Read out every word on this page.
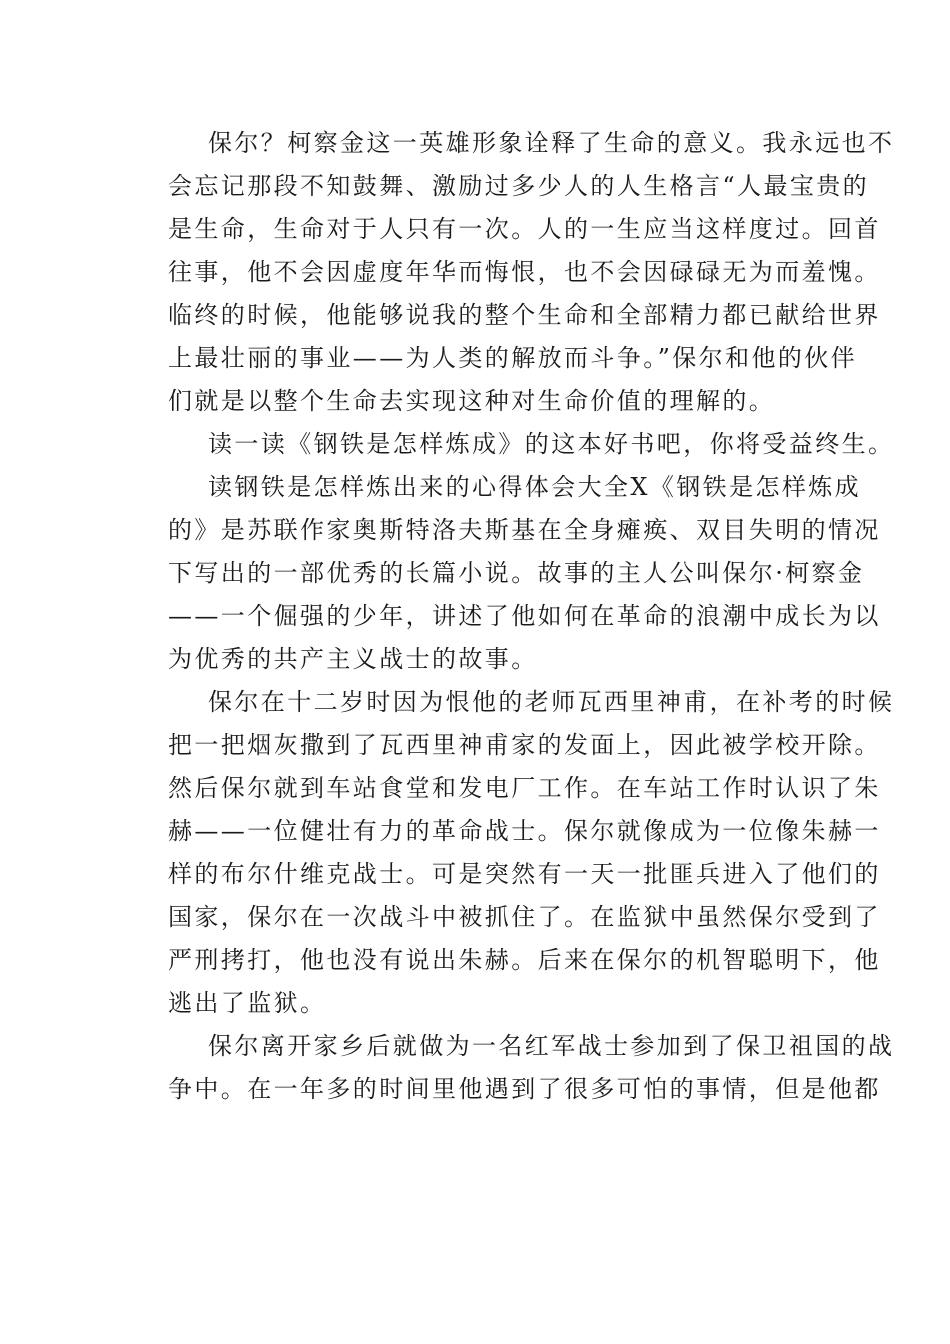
保尔？柯察金这一英雄形象诠释了生命的意义。我永远也不
会忘记那段不知鼓舞、激励过多少人的人生格言“人最宝贵的
是生命，生命对于人只有一次。人的一生应当这样度过。回首
往事，他不会因虚度年华而悔恨，也不会因碌碌无为而羞愧。
临终的时候，他能够说我的整个生命和全部精力都已献给世界
上最壮丽的事业——为人类的解放而斗争。”保尔和他的伙伴
们就是以整个生命去实现这种对生命价值的理解的。
读一读《钢铁是怎样炼成》的这本好书吧，你将受益终生。
读钢铁是怎样炼出来的心得体会大全X《钢铁是怎样炼成
的》是苏联作家奥斯特洛夫斯基在全身瘫痪、双目失明的情况
下写出的一部优秀的长篇小说。故事的主人公叫保尔·柯察金
——一个倔强的少年，讲述了他如何在革命的浪潮中成长为以
为优秀的共产主义战士的故事。
保尔在十二岁时因为恨他的老师瓦西里神甫，在补考的时候
把一把烟灰撒到了瓦西里神甫家的发面上，因此被学校开除。
然后保尔就到车站食堂和发电厂工作。在车站工作时认识了朱
赫——一位健壮有力的革命战士。保尔就像成为一位像朱赫一
样的布尔什维克战士。可是突然有一天一批匪兵进入了他们的
国家，保尔在一次战斗中被抓住了。在监狱中虽然保尔受到了
严刑拷打，他也没有说出朱赫。后来在保尔的机智聪明下，他
逃出了监狱。
保尔离开家乡后就做为一名红军战士参加到了保卫祖国的战
争中。在一年多的时间里他遇到了很多可怕的事情，但是他都
